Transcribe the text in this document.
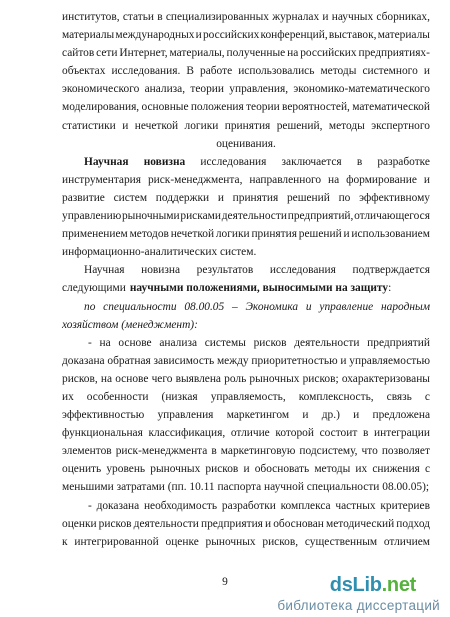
институтов, статьи в специализированных журналах и научных сборниках,
материалы международных и российских конференций, выставок, материалы
сайтов сети Интернет, материалы, полученные на российских предприятиях-
объектах исследования. В работе использовались методы системного и
экономического анализа, теории управления, экономико-математического
моделирования, основные положения теории вероятностей, математической
статистики и нечеткой логики принятия решений, методы экспертного
оценивания.
Научная новизна исследования заключается в разработке
инструментария риск-менеджмента, направленного на формирование и
развитие систем поддержки и принятия решений по эффективному
управлению рыночными рисками деятельности предприятий, отличающегося
применением методов нечеткой логики принятия решений и использованием
информационно-аналитических систем.
Научная новизна результатов исследования подтверждается
следующими научными положениями, выносимыми на защиту :
по специальности 08.00.05 – Экономика и управление народным
хозяйством (менеджмент):
- на основе анализа системы рисков деятельности предприятий
доказана обратная зависимость между приоритетностью и управляемостью
рисков, на основе чего выявлена роль рыночных рисков; охарактеризованы
их особенности (низкая управляемость, комплексность, связь с
эффективностью управления маркетингом и др.) и предложена
функциональная классификация, отличие которой состоит в интеграции
элементов риск-менеджмента в маркетинговую подсистему, что позволяет
оценить уровень рыночных рисков и обосновать методы их снижения с
меньшими затратами (пп. 10.11 паспорта научной специальности 08.00.05);
- доказана необходимость разработки комплекса частных критериев
оценки рисков деятельности предприятия и обоснован методический подход
к интегрированной оценке рыночных рисков, существенным отличием
9	dsLib.net
библиотека диссертаций
